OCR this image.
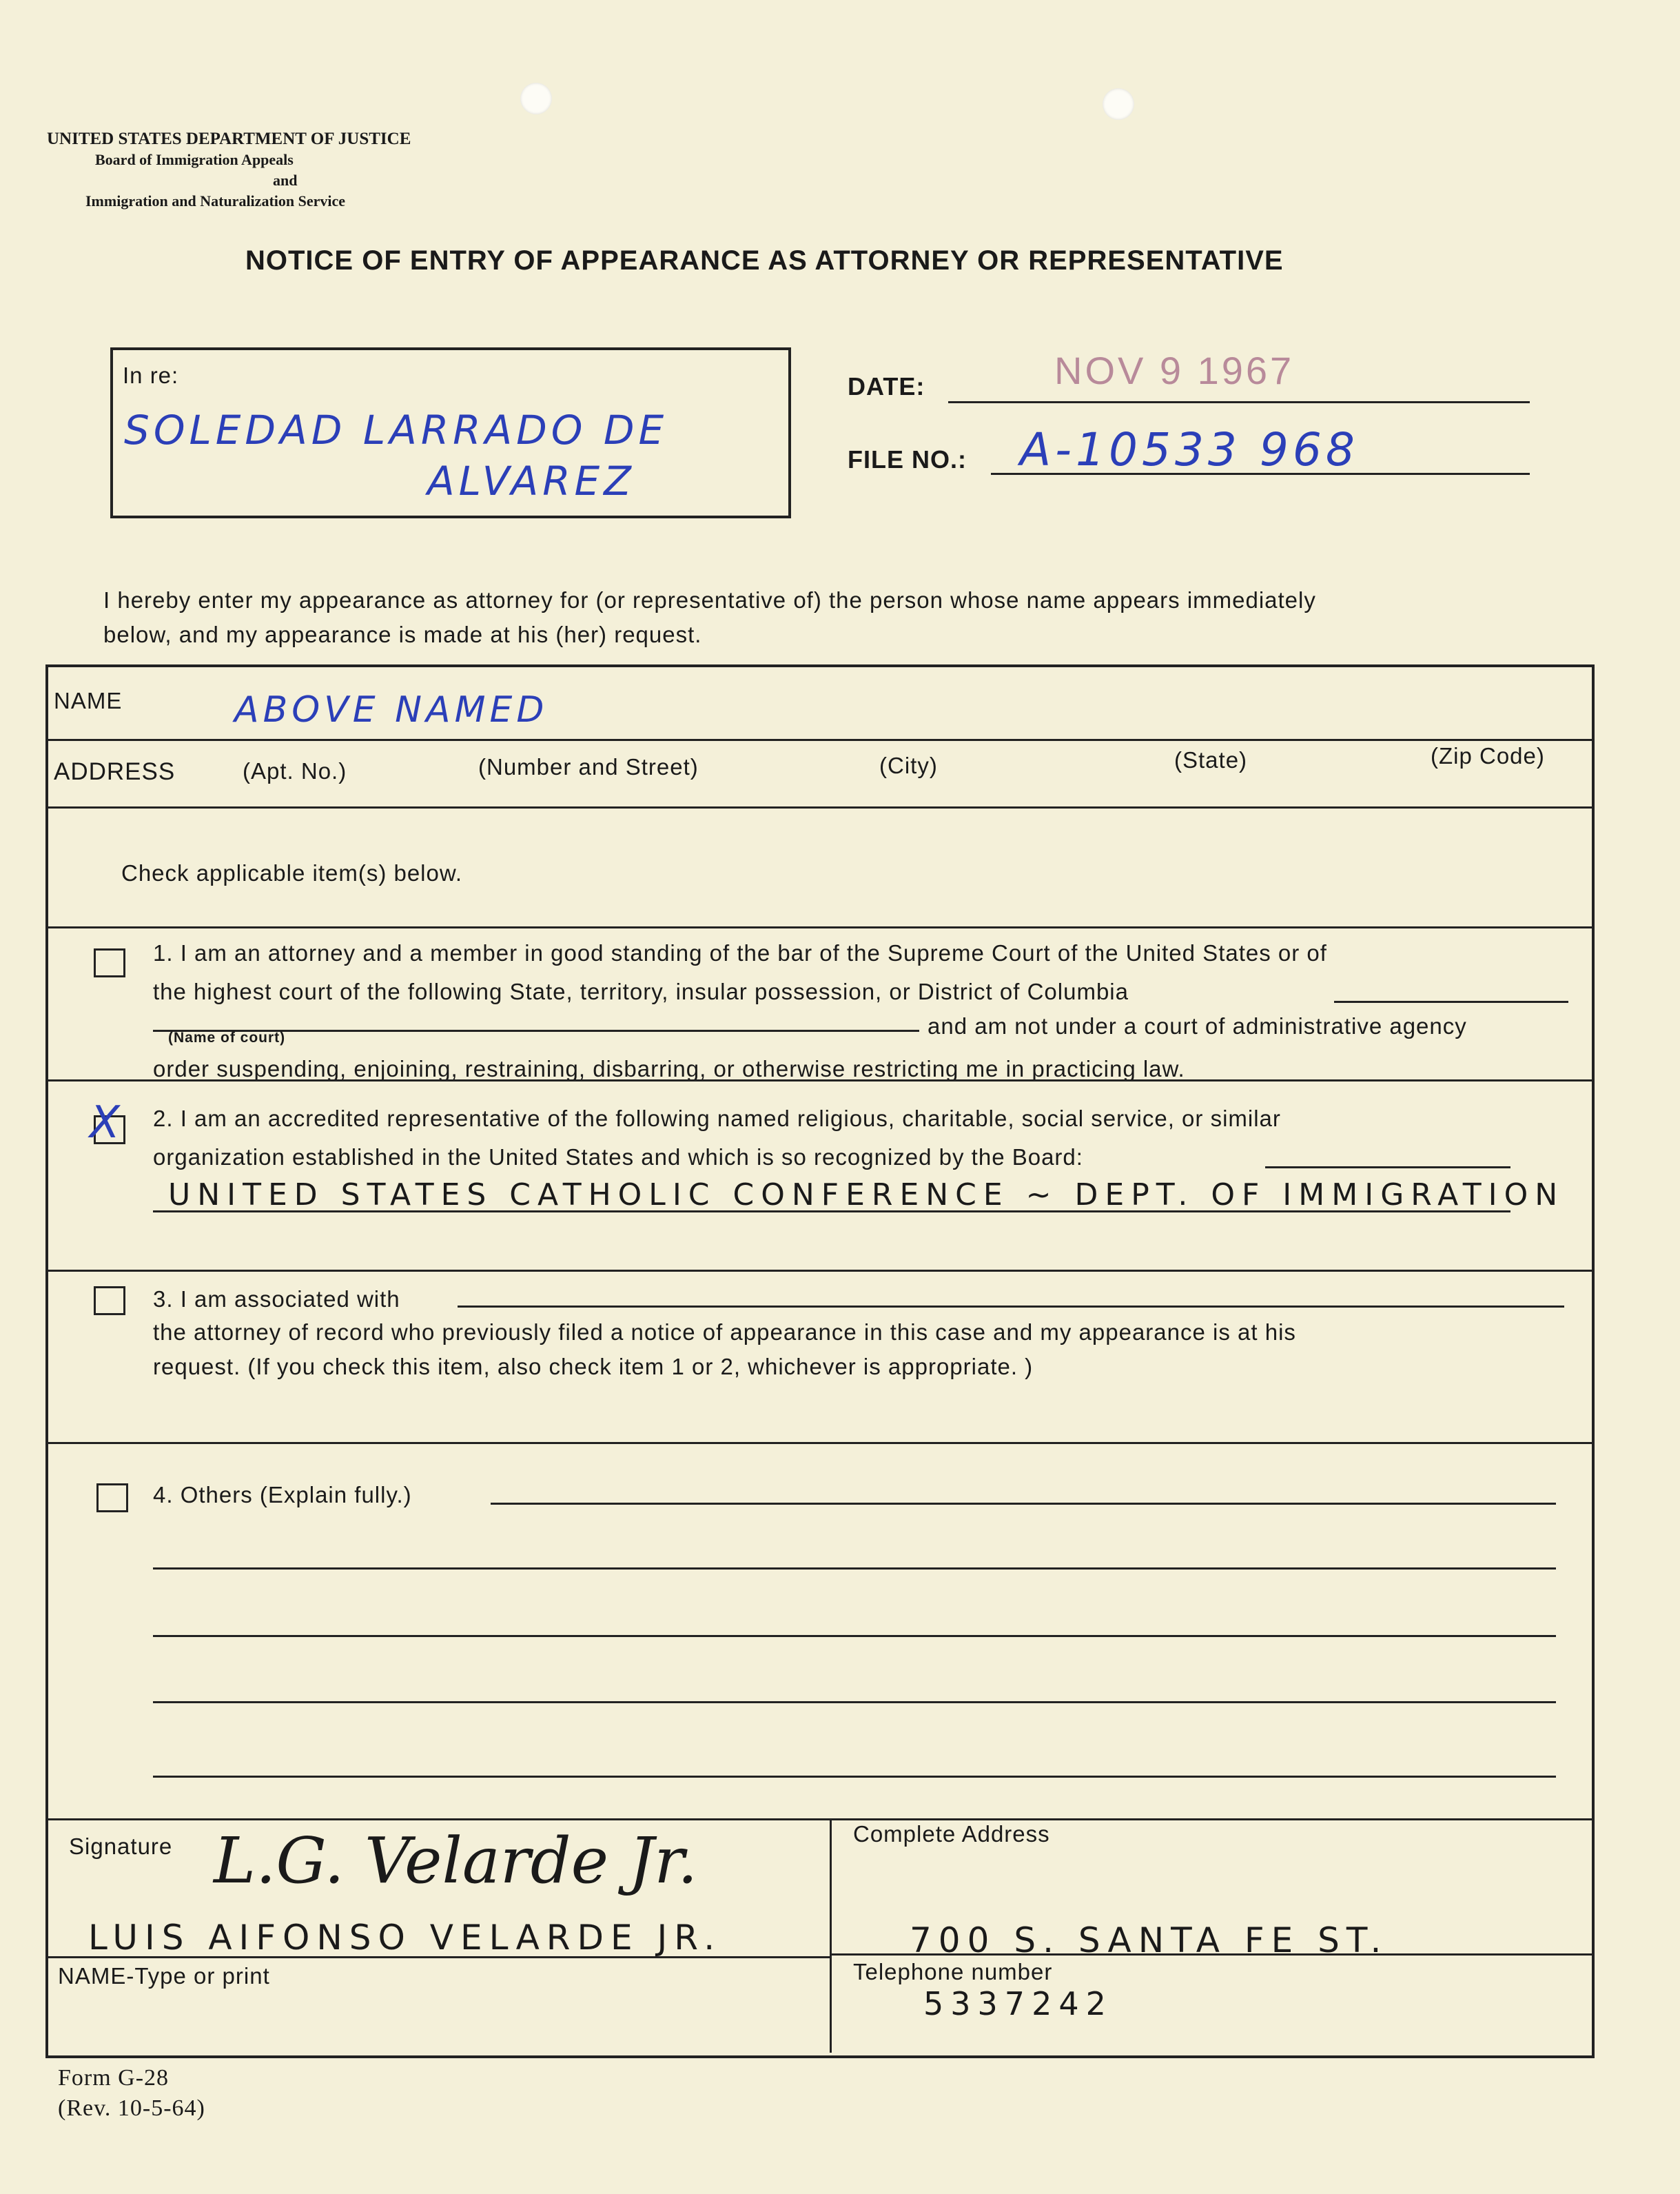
UNITED STATES DEPARTMENT OF JUSTICE
Board of Immigration Appeals
and
Immigration and Naturalization Service
NOTICE OF ENTRY OF APPEARANCE AS ATTORNEY OR REPRESENTATIVE
In re:
SOLEDAD LARRADO DE
ALVAREZ
DATE:	NOV 9 1967
FILE NO.: A-10533 968
I hereby enter my appearance as attorney for (or representative of) the person whose name appears immediately
below, and my appearance is made at his (her) request.
NAME	ABOVE NAMED
ADDRESS	(Apt. No.)	(Number and Street)	(City)	(State)	(Zip Code)
Check applicable item(s) below.
1. I am an attorney and a member in good standing of the bar of the Supreme Court of the United States or of
the highest court of the following State, territory, insular possession, or District of Columbia
(Name of court)	and am not under a court of administrative agency
order suspending, enjoining, restraining, disbarring, or otherwise restricting me in practicing law.
X 2. I am an accredited representative of the following named religious, charitable, social service, or similar
organization established in the United States and which is so recognized by the Board:
UNITED STATES CATHOLIC CONFERENCE ~ DEPT. OF IMMIGRATION
3. I am associated with
the attorney of record who previously filed a notice of appearance in this case and my appearance is at his
request. (If you check this item, also check item 1 or 2, whichever is appropriate. )
4. Others (Explain fully.)
Signature L.G. Velarde Jr.
LUIS AIFONSO VELARDE JR.
NAME-Type or print
Complete Address
700 S. SANTA FE ST.
Telephone number
5337242
Form G-28
(Rev. 10-5-64)
